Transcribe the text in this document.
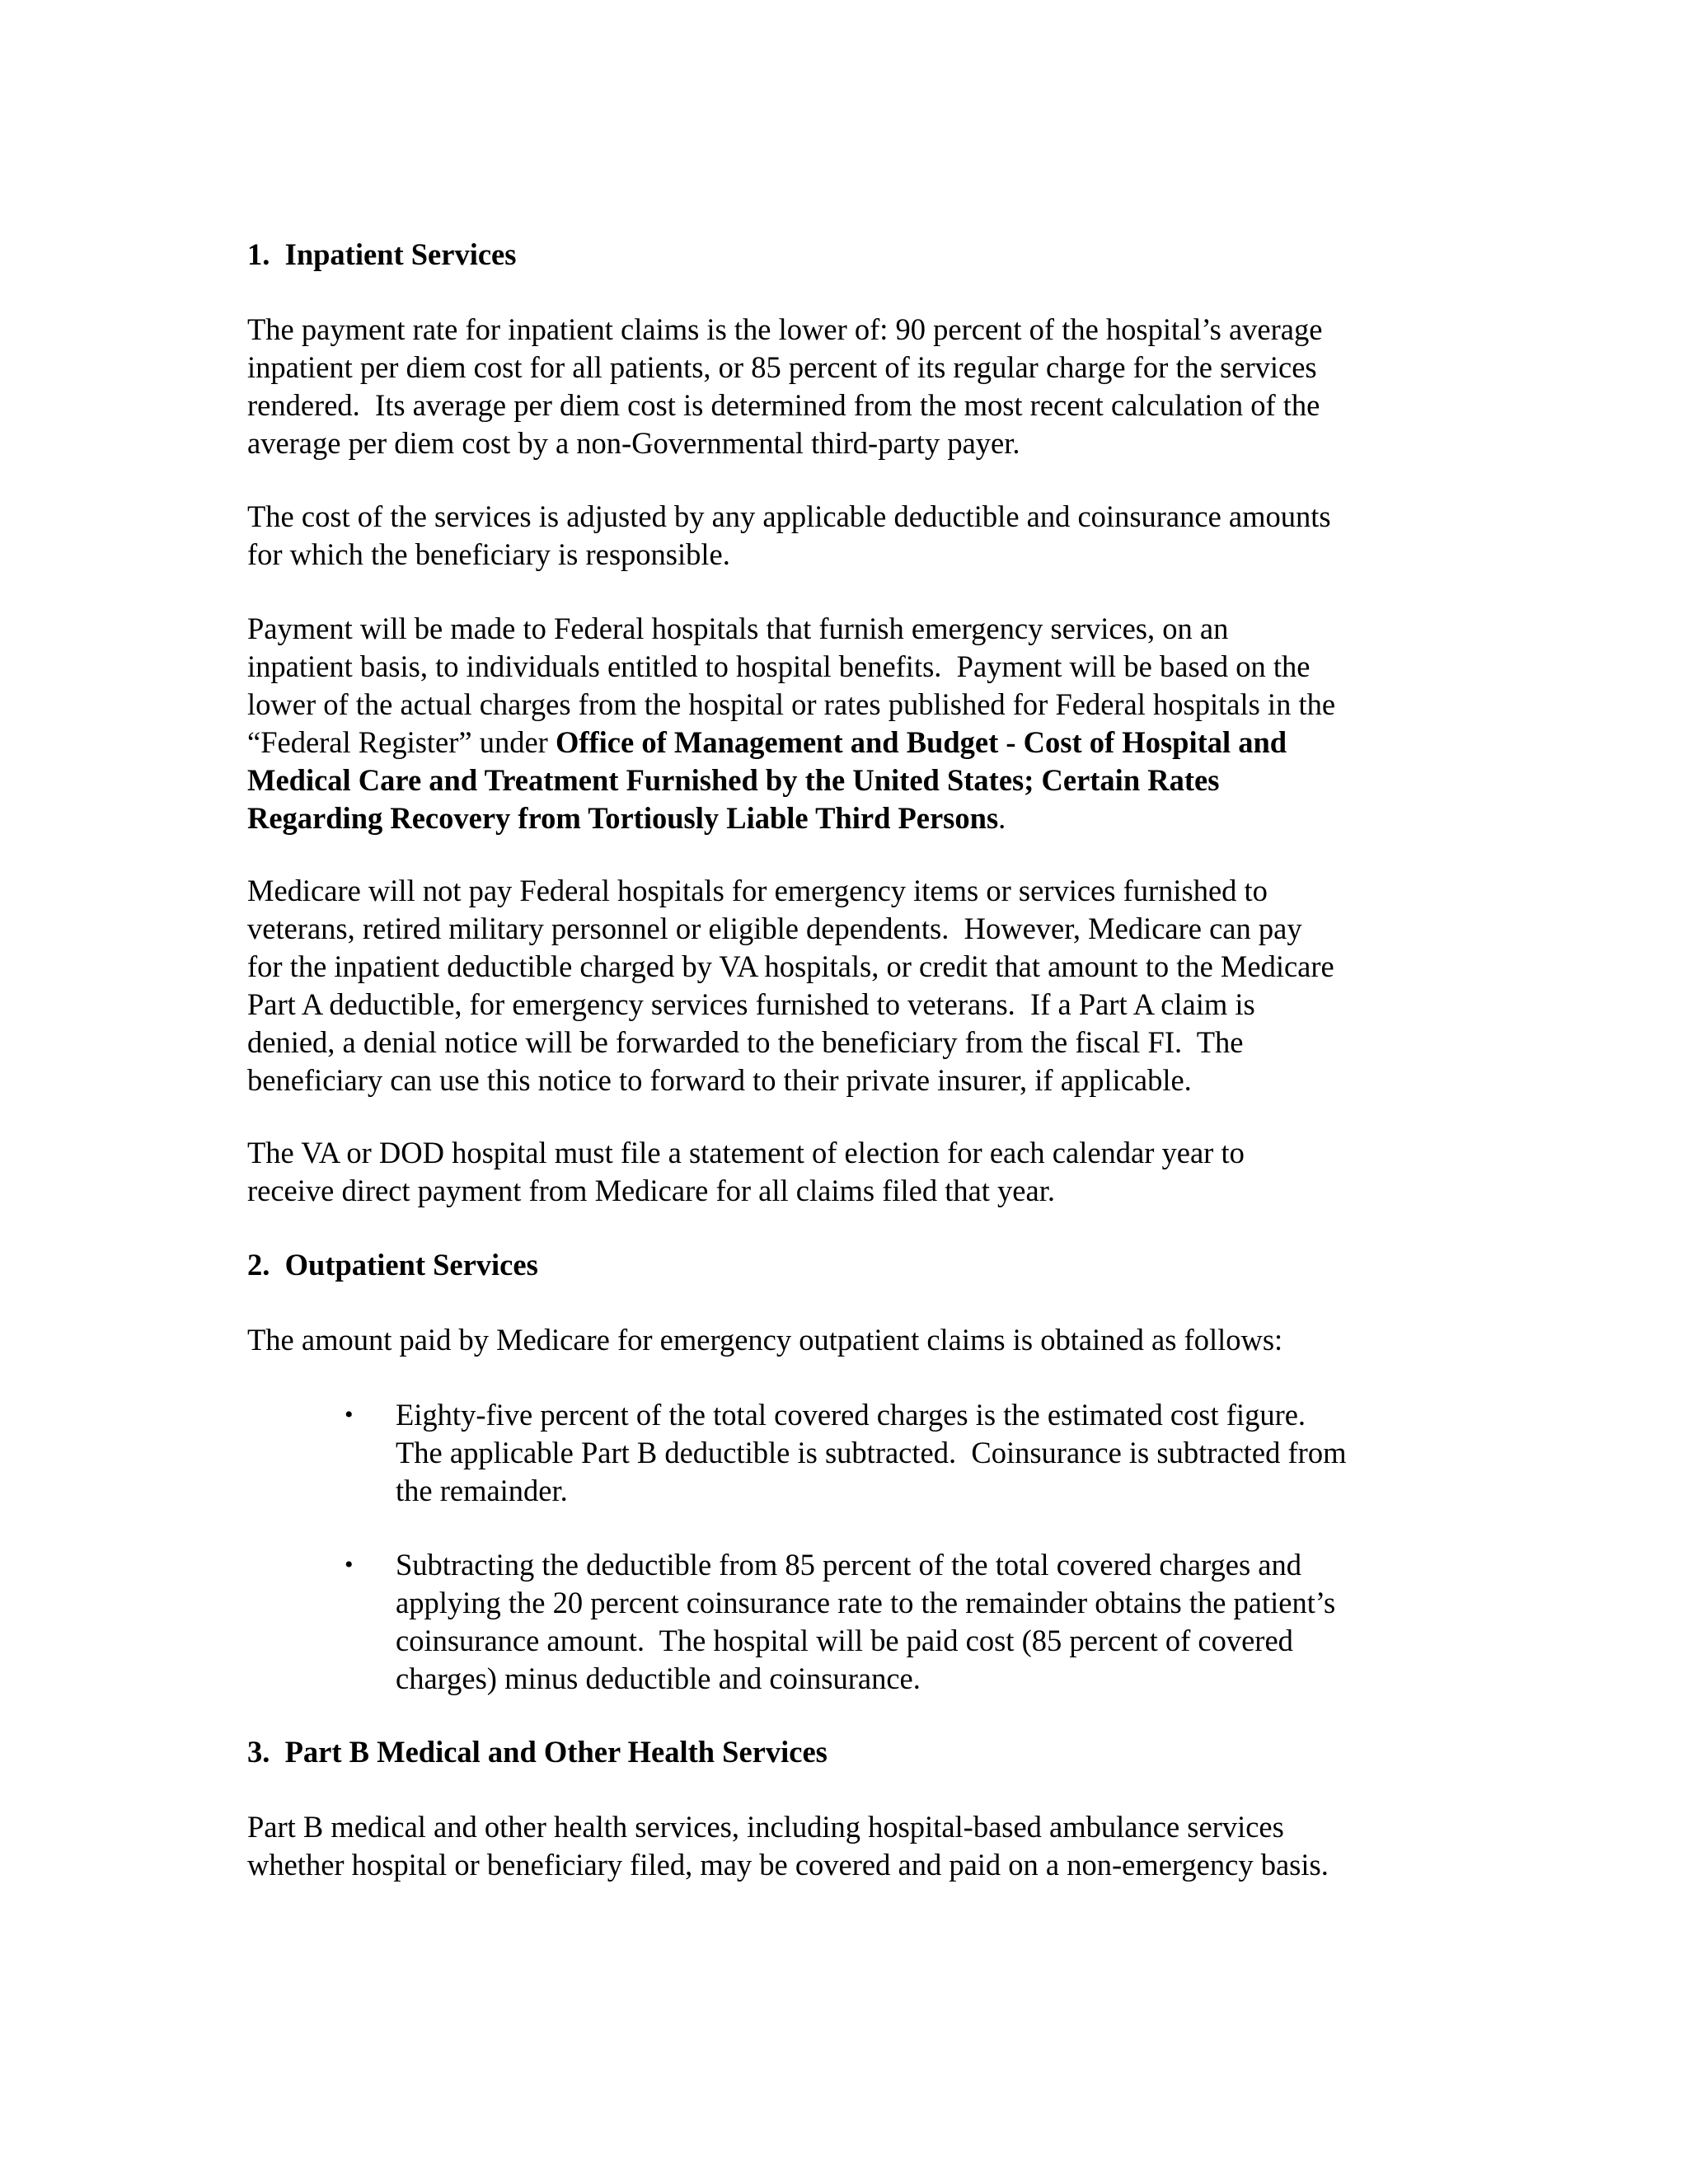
1.  Inpatient Services

The payment rate for inpatient claims is the lower of: 90 percent of the hospital’s average
inpatient per diem cost for all patients, or 85 percent of its regular charge for the services
rendered.  Its average per diem cost is determined from the most recent calculation of the
average per diem cost by a non-Governmental third-party payer.

The cost of the services is adjusted by any applicable deductible and coinsurance amounts
for which the beneficiary is responsible.

Payment will be made to Federal hospitals that furnish emergency services, on an
inpatient basis, to individuals entitled to hospital benefits.  Payment will be based on the
lower of the actual charges from the hospital or rates published for Federal hospitals in the
“Federal Register” under Office of Management and Budget - Cost of Hospital and
Medical Care and Treatment Furnished by the United States; Certain Rates
Regarding Recovery from Tortiously Liable Third Persons.

Medicare will not pay Federal hospitals for emergency items or services furnished to
veterans, retired military personnel or eligible dependents.  However, Medicare can pay
for the inpatient deductible charged by VA hospitals, or credit that amount to the Medicare
Part A deductible, for emergency services furnished to veterans.  If a Part A claim is
denied, a denial notice will be forwarded to the beneficiary from the fiscal FI.  The
beneficiary can use this notice to forward to their private insurer, if applicable.

The VA or DOD hospital must file a statement of election for each calendar year to
receive direct payment from Medicare for all claims filed that year.

2.  Outpatient Services

The amount paid by Medicare for emergency outpatient claims is obtained as follows:

•	Eighty-five percent of the total covered charges is the estimated cost figure.
The applicable Part B deductible is subtracted.  Coinsurance is subtracted from
the remainder.
•	Subtracting the deductible from 85 percent of the total covered charges and
applying the 20 percent coinsurance rate to the remainder obtains the patient’s
coinsurance amount.  The hospital will be paid cost (85 percent of covered
charges) minus deductible and coinsurance.
3.  Part B Medical and Other Health Services

Part B medical and other health services, including hospital-based ambulance services
whether hospital or beneficiary filed, may be covered and paid on a non-emergency basis.
